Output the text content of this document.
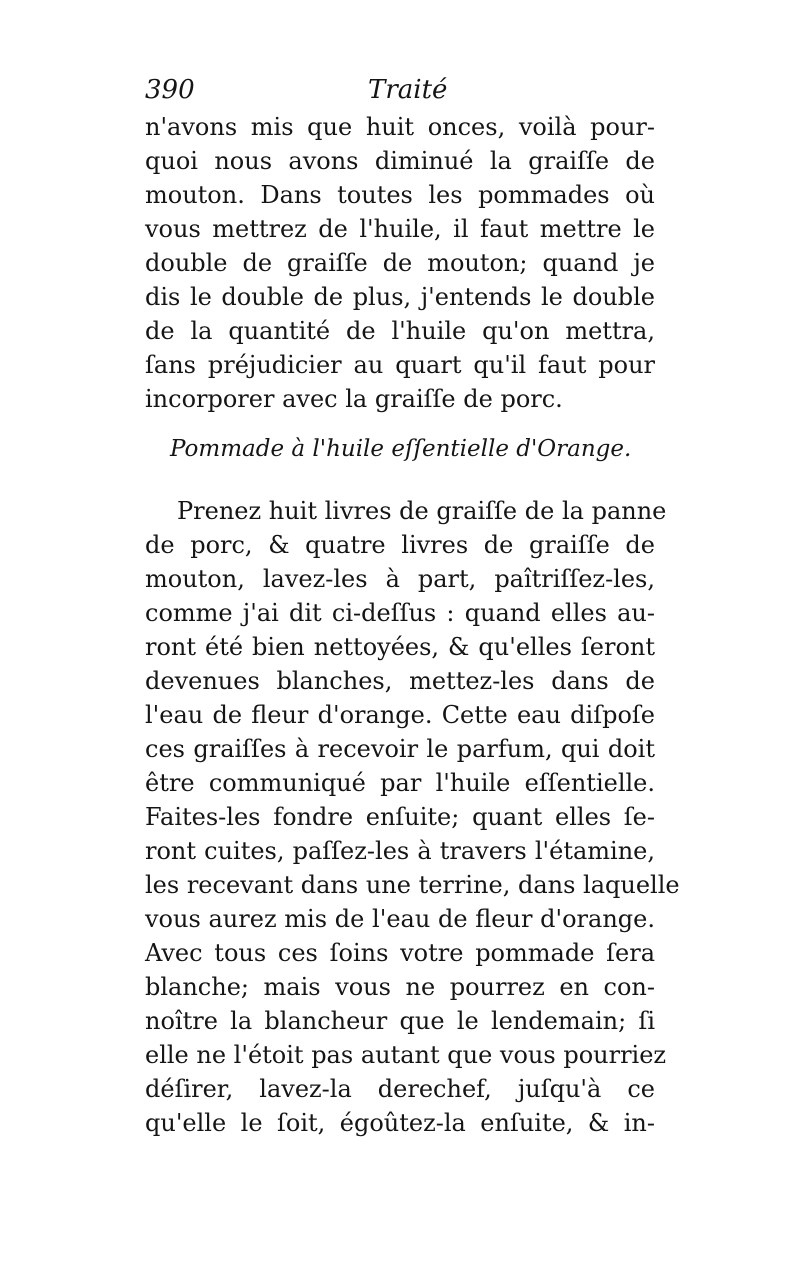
390	Traité
n'avons mis que huit onces, voilà pour-
quoi nous avons diminué la graiſſe de
mouton. Dans toutes les pommades où
vous mettrez de l'huile, il faut mettre le
double de graiſſe de mouton; quand je
dis le double de plus, j'entends le double
de la quantité de l'huile qu'on mettra,
ſans préjudicier au quart qu'il faut pour
incorporer avec la graiſſe de porc.
Pommade à l'huile eſſentielle d'Orange.
Prenez huit livres de graiſſe de la panne
de porc, & quatre livres de graiſſe de
mouton, lavez-les à part, paîtriſſez-les,
comme j'ai dit ci-deſſus : quand elles au-
ront été bien nettoyées, & qu'elles ſeront
devenues blanches, mettez-les dans de
l'eau de fleur d'orange. Cette eau diſpoſe
ces graiſſes à recevoir le parfum, qui doit
être communiqué par l'huile eſſentielle.
Faites-les fondre enſuite; quant elles ſe-
ront cuites, paſſez-les à travers l'étamine,
les recevant dans une terrine, dans laquelle
vous aurez mis de l'eau de fleur d'orange.
Avec tous ces ſoins votre pommade ſera
blanche; mais vous ne pourrez en con-
noître la blancheur que le lendemain; ſi
elle ne l'étoit pas autant que vous pourriez
déſirer, lavez-la derechef, juſqu'à ce
qu'elle le ſoit, égoûtez-la enſuite, & in-
